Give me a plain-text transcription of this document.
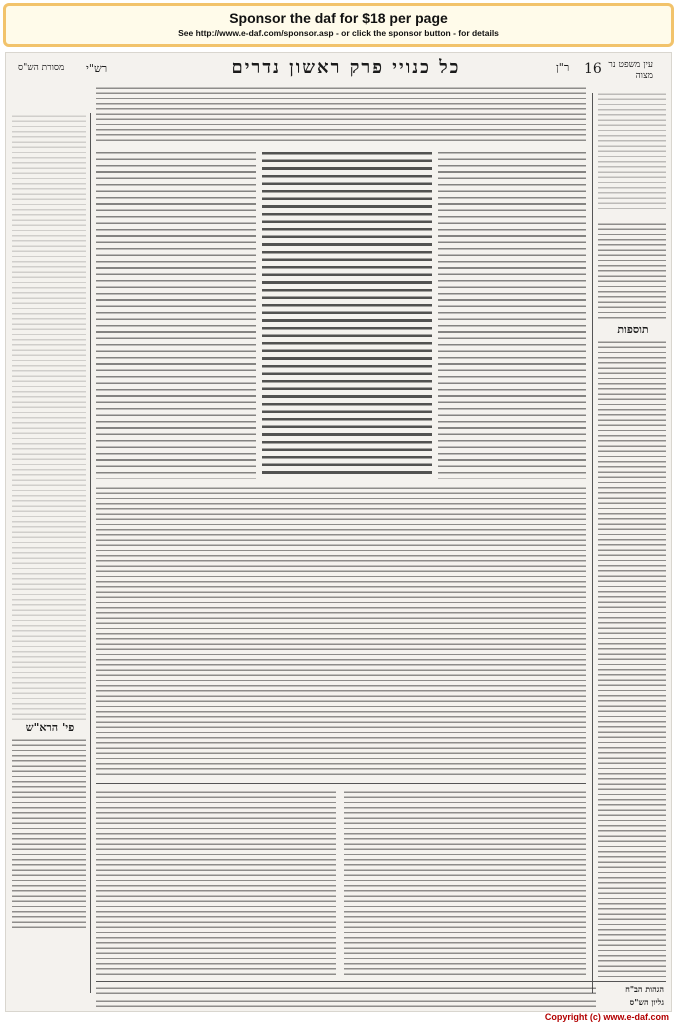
Sponsor the daf for $18 per page
See http://www.e-daf.com/sponsor.asp - or click the sponsor button - for details
מסורת הש"ס רש"י	כל כנויי פרק ראשון נדרים	ר"ן 16 עין משפט נר מצוה
פי' הרא"ש
תוספות
הגהות הב"ח
גליון הש"ס
Copyright (c) www.e-daf.com
